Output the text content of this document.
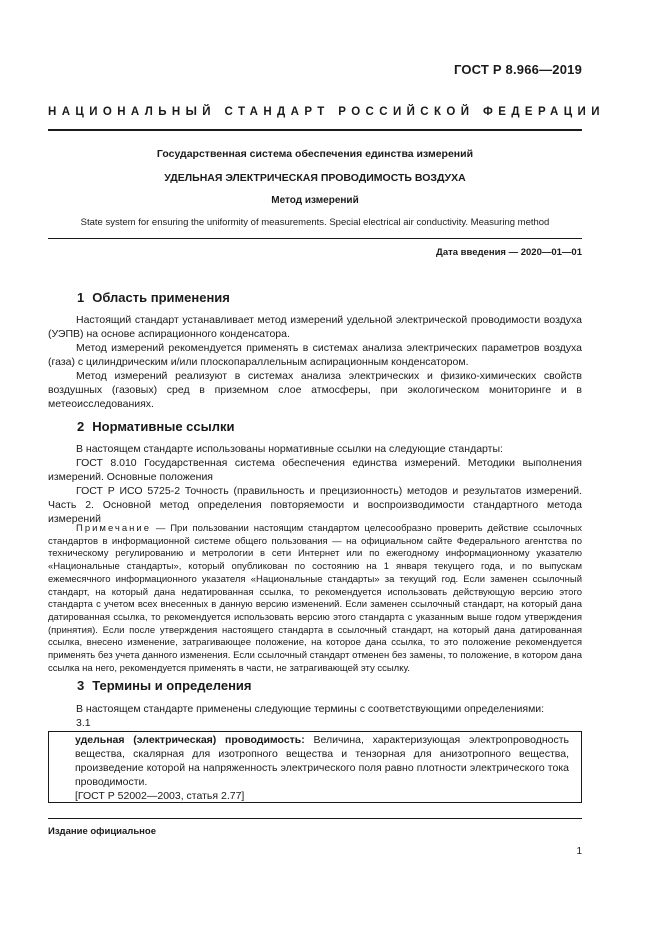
ГОСТ Р 8.966—2019
НАЦИОНАЛЬНЫЙ СТАНДАРТ РОССИЙСКОЙ ФЕДЕРАЦИИ
Государственная система обеспечения единства измерений
УДЕЛЬНАЯ ЭЛЕКТРИЧЕСКАЯ ПРОВОДИМОСТЬ ВОЗДУХА
Метод измерений
State system for ensuring the uniformity of measurements. Special electrical air conductivity. Measuring method
Дата введения — 2020—01—01
1 Область применения

Настоящий стандарт устанавливает метод измерений удельной электрической проводимости воздуха (УЭПВ) на основе аспирационного конденсатора.

Метод измерений рекомендуется применять в системах анализа электрических параметров воздуха (газа) с цилиндрическим и/или плоскопараллельным аспирационным конденсатором.

Метод измерений реализуют в системах анализа электрических и физико-химических свойств воздушных (газовых) сред в приземном слое атмосферы, при экологическом мониторинге и в метеоисследованиях.

2 Нормативные ссылки

В настоящем стандарте использованы нормативные ссылки на следующие стандарты:

ГОСТ 8.010 Государственная система обеспечения единства измерений. Методики выполнения измерений. Основные положения

ГОСТ Р ИСО 5725-2 Точность (правильность и прецизионность) методов и результатов измерений. Часть 2. Основной метод определения повторяемости и воспроизводимости стандартного метода измерений

Примечание — При пользовании настоящим стандартом целесообразно проверить действие ссылочных стандартов в информационной системе общего пользования — на официальном сайте Федерального агентства по техническому регулированию и метрологии в сети Интернет или по ежегодному информационному указателю «Национальные стандарты», который опубликован по состоянию на 1 января текущего года, и по выпускам ежемесячного информационного указателя «Национальные стандарты» за текущий год. Если заменен ссылочный стандарт, на который дана недатированная ссылка, то рекомендуется использовать действующую версию этого стандарта с учетом всех внесенных в данную версию изменений. Если заменен ссылочный стандарт, на который дана датированная ссылка, то рекомендуется использовать версию этого стандарта с указанным выше годом утверждения (принятия). Если после утверждения настоящего стандарта в ссылочный стандарт, на который дана датированная ссылка, внесено изменение, затрагивающее положение, на которое дана ссылка, то это положение рекомендуется применять без учета данного изменения. Если ссылочный стандарт отменен без замены, то положение, в котором дана ссылка на него, рекомендуется применять в части, не затрагивающей эту ссылку.

3 Термины и определения

В настоящем стандарте применены следующие термины с соответствующими определениями:

3.1

удельная (электрическая) проводимость: Величина, характеризующая электропроводность вещества, скалярная для изотропного вещества и тензорная для анизотропного вещества, произведение которой на напряженность электрического поля равно плотности электрического тока проводимости.

[ГОСТ Р 52002—2003, статья 2.77]

Издание официальное
1
